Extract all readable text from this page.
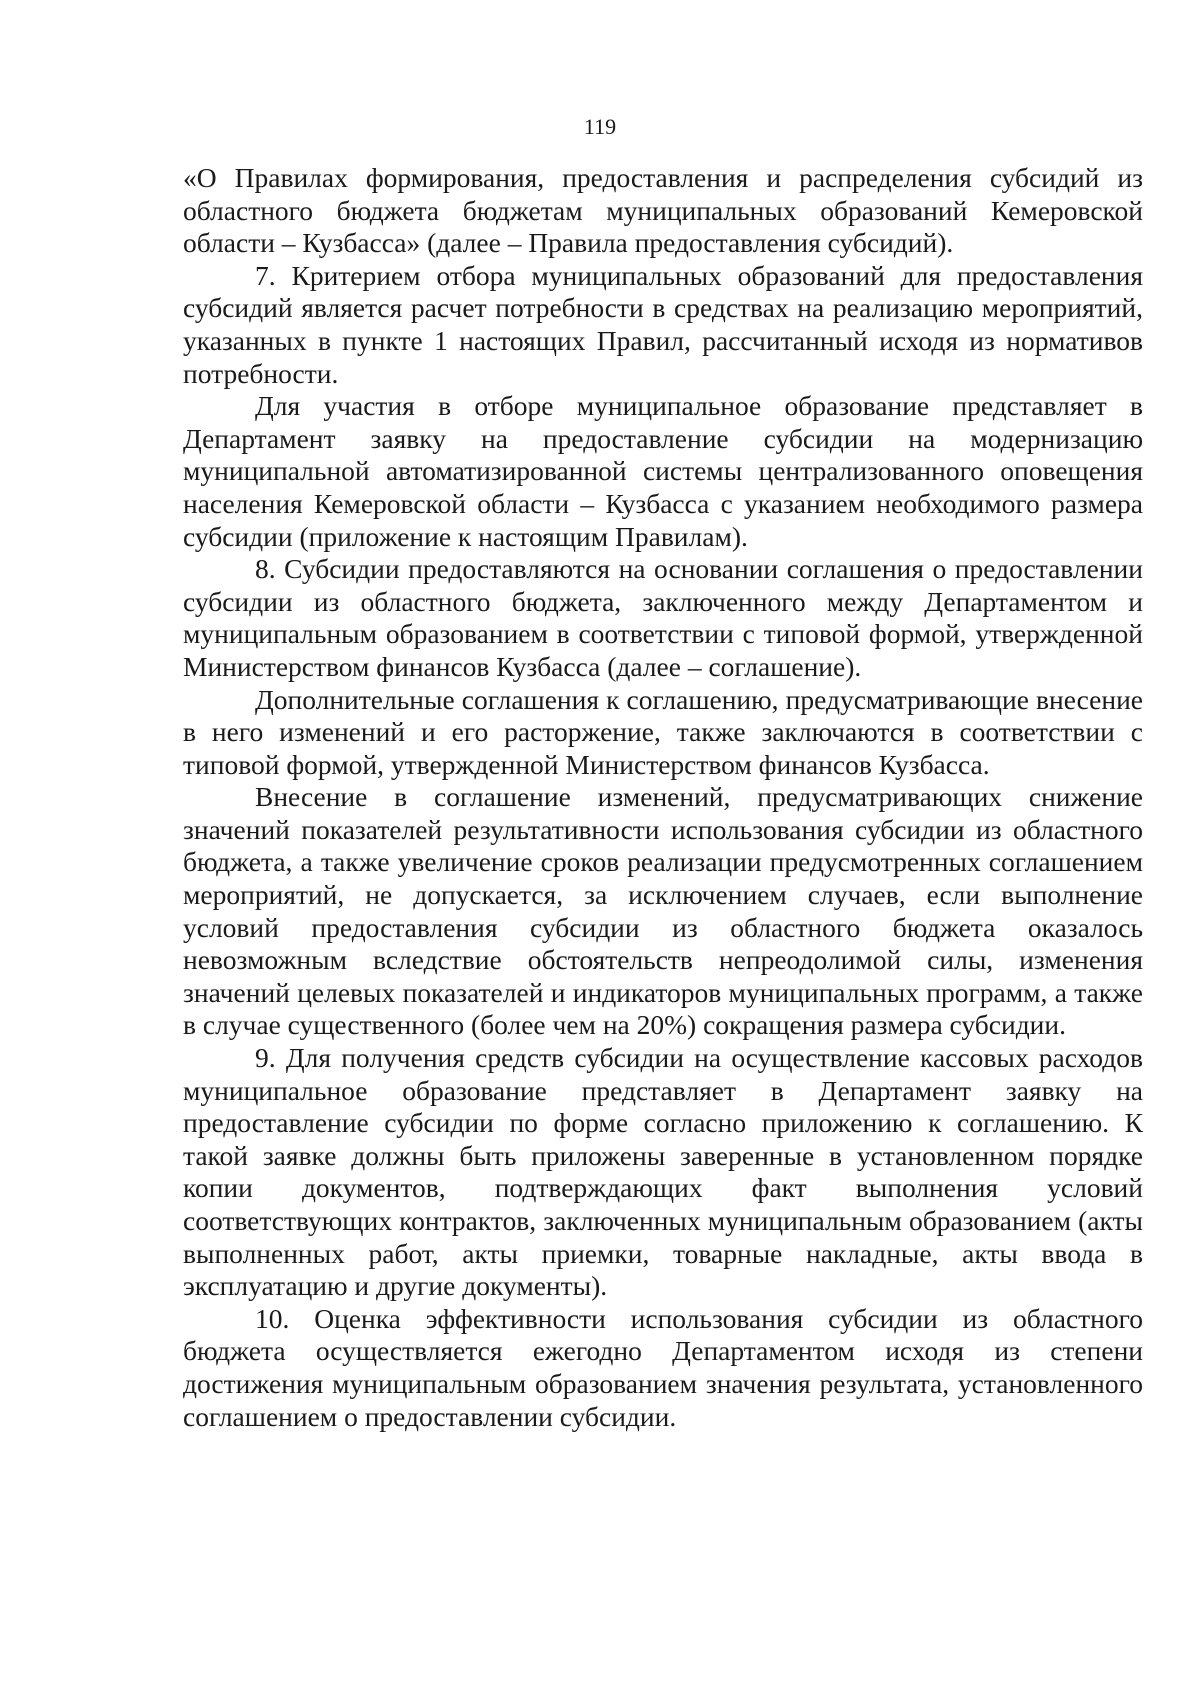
119

«О Правилах формирования, предоставления и распределения субсидий из областного бюджета бюджетам муниципальных образований Кемеровской области – Кузбасса» (далее – Правила предоставления субсидий).

7. Критерием отбора муниципальных образований для предоставления субсидий является расчет потребности в средствах на реализацию мероприятий, указанных в пункте 1 настоящих Правил, рассчитанный исходя из нормативов потребности.

Для участия в отборе муниципальное образование представляет в Департамент заявку на предоставление субсидии на модернизацию муниципальной автоматизированной системы централизованного оповещения населения Кемеровской области – Кузбасса с указанием необходимого размера субсидии (приложение к настоящим Правилам).

8. Субсидии предоставляются на основании соглашения о предоставлении субсидии из областного бюджета, заключенного между Департаментом и муниципальным образованием в соответствии с типовой формой, утвержденной Министерством финансов Кузбасса (далее – соглашение).

Дополнительные соглашения к соглашению, предусматривающие внесение в него изменений и его расторжение, также заключаются в соответствии с типовой формой, утвержденной Министерством финансов Кузбасса.

Внесение в соглашение изменений, предусматривающих снижение значений показателей результативности использования субсидии из областного бюджета, а также увеличение сроков реализации предусмотренных соглашением мероприятий, не допускается, за исключением случаев, если выполнение условий предоставления субсидии из областного бюджета оказалось невозможным вследствие обстоятельств непреодолимой силы, изменения значений целевых показателей и индикаторов муниципальных программ, а также в случае существенного (более чем на 20%) сокращения размера субсидии.

9. Для получения средств субсидии на осуществление кассовых расходов муниципальное образование представляет в Департамент заявку на предоставление субсидии по форме согласно приложению к соглашению. К такой заявке должны быть приложены заверенные в установленном порядке копии документов, подтверждающих факт выполнения условий соответствующих контрактов, заключенных муниципальным образованием (акты выполненных работ, акты приемки, товарные накладные, акты ввода в эксплуатацию и другие документы).

10. Оценка эффективности использования субсидии из областного бюджета осуществляется ежегодно Департаментом исходя из степени достижения муниципальным образованием значения результата, установленного соглашением о предоставлении субсидии.
